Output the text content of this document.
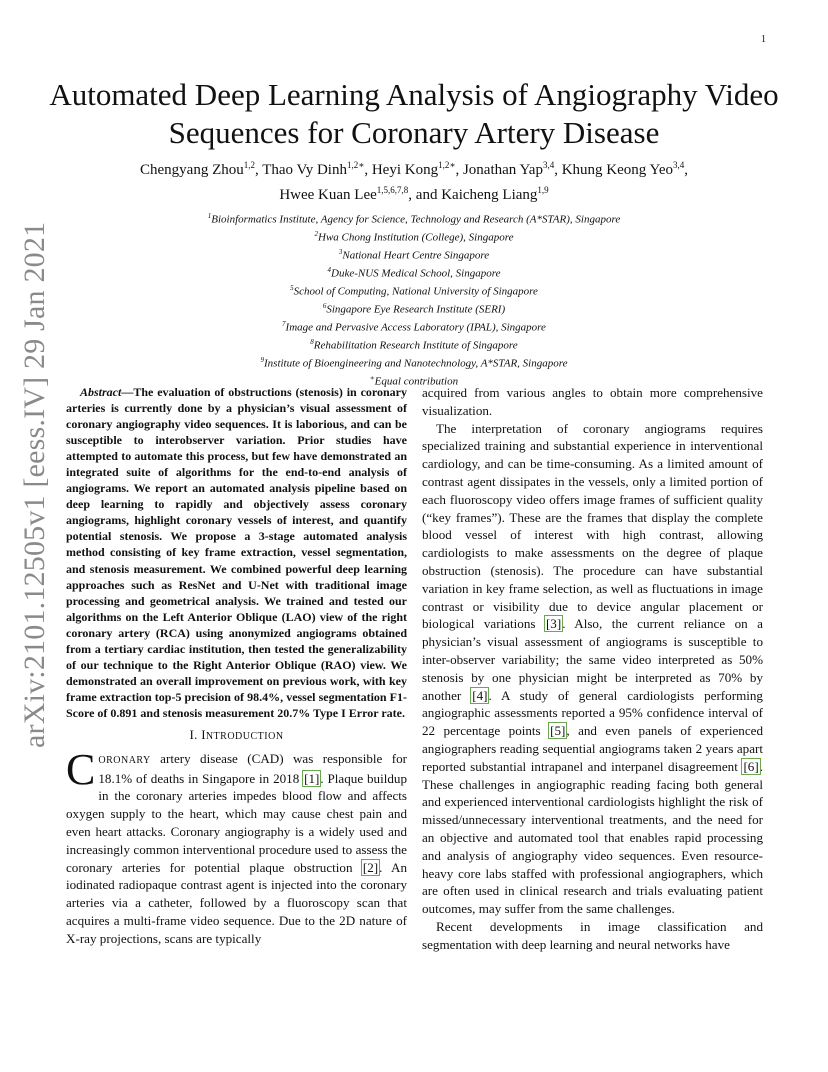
1
arXiv:2101.12505v1 [eess.IV] 29 Jan 2021
Automated Deep Learning Analysis of Angiography Video Sequences for Coronary Artery Disease
Chengyang Zhou$^{1,2}$, Thao Vy Dinh$^{1,2∗}$, Heyi Kong$^{1,2∗}$, Jonathan Yap$^{3,4}$, Khung Keong Yeo$^{3,4}$,
Hwee Kuan Lee$^{1,5,6,7,8}$, and Kaicheng Liang$^{1,9}$
$^1$Bioinformatics Institute, Agency for Science, Technology and Research (A*STAR), Singapore
$^2$Hwa Chong Institution (College), Singapore
$^3$National Heart Centre Singapore
$^4$Duke-NUS Medical School, Singapore
$^5$School of Computing, National University of Singapore
$^6$Singapore Eye Research Institute (SERI)
$^7$Image and Pervasive Access Laboratory (IPAL), Singapore
$^8$Rehabilitation Research Institute of Singapore
$^9$Institute of Bioengineering and Nanotechnology, A*STAR, Singapore
∗Equal contribution

Abstract—The evaluation of obstructions (stenosis) in coronary arteries is currently done by a physician’s visual assessment of coronary angiography video sequences. It is laborious, and can be susceptible to interobserver variation. Prior studies have attempted to automate this process, but few have demonstrated an integrated suite of algorithms for the end-to-end analysis of angiograms. We report an automated analysis pipeline based on deep learning to rapidly and objectively assess coronary angiograms, highlight coronary vessels of interest, and quantify potential stenosis. We propose a 3-stage automated analysis method consisting of key frame extraction, vessel segmentation, and stenosis measurement. We combined powerful deep learning approaches such as ResNet and U-Net with traditional image processing and geometrical analysis. We trained and tested our algorithms on the Left Anterior Oblique (LAO) view of the right coronary artery (RCA) using anonymized angiograms obtained from a tertiary cardiac institution, then tested the generalizability of our technique to the Right Anterior Oblique (RAO) view. We demonstrated an overall improvement on previous work, with key frame extraction top-5 precision of 98.4%, vessel segmentation F1-Score of 0.891 and stenosis measurement 20.7% Type I Error rate.

I. INTRODUCTION

CORONARY artery disease (CAD) was responsible for 18.1% of deaths in Singapore in 2018 [1]. Plaque buildup in the coronary arteries impedes blood flow and affects oxygen supply to the heart, which may cause chest pain and even heart attacks. Coronary angiography is a widely used and increasingly common interventional procedure used to assess the coronary arteries for potential plaque obstruction [2]. An iodinated radiopaque contrast agent is injected into the coronary arteries via a catheter, followed by a fluoroscopy scan that acquires a multi-frame video sequence. Due to the 2D nature of X-ray projections, scans are typically

acquired from various angles to obtain more comprehensive visualization.

The interpretation of coronary angiograms requires specialized training and substantial experience in interventional cardiology, and can be time-consuming. As a limited amount of contrast agent dissipates in the vessels, only a limited portion of each fluoroscopy video offers image frames of sufficient quality (“key frames”). These are the frames that display the complete blood vessel of interest with high contrast, allowing cardiologists to make assessments on the degree of plaque obstruction (stenosis). The procedure can have substantial variation in key frame selection, as well as fluctuations in image contrast or visibility due to device angular placement or biological variations [3]. Also, the current reliance on a physician’s visual assessment of angiograms is susceptible to inter-observer variability; the same video interpreted as 50% stenosis by one physician might be interpreted as 70% by another [4]. A study of general cardiologists performing angiographic assessments reported a 95% confidence interval of 22 percentage points [5], and even panels of experienced angiographers reading sequential angiograms taken 2 years apart reported substantial intrapanel and interpanel disagreement [6]. These challenges in angiographic reading facing both general and experienced interventional cardiologists highlight the risk of missed/unnecessary interventional treatments, and the need for an objective and automated tool that enables rapid processing and analysis of angiography video sequences. Even resource-heavy core labs staffed with professional angiographers, which are often used in clinical research and trials evaluating patient outcomes, may suffer from the same challenges.

Recent developments in image classification and segmentation with deep learning and neural networks have
